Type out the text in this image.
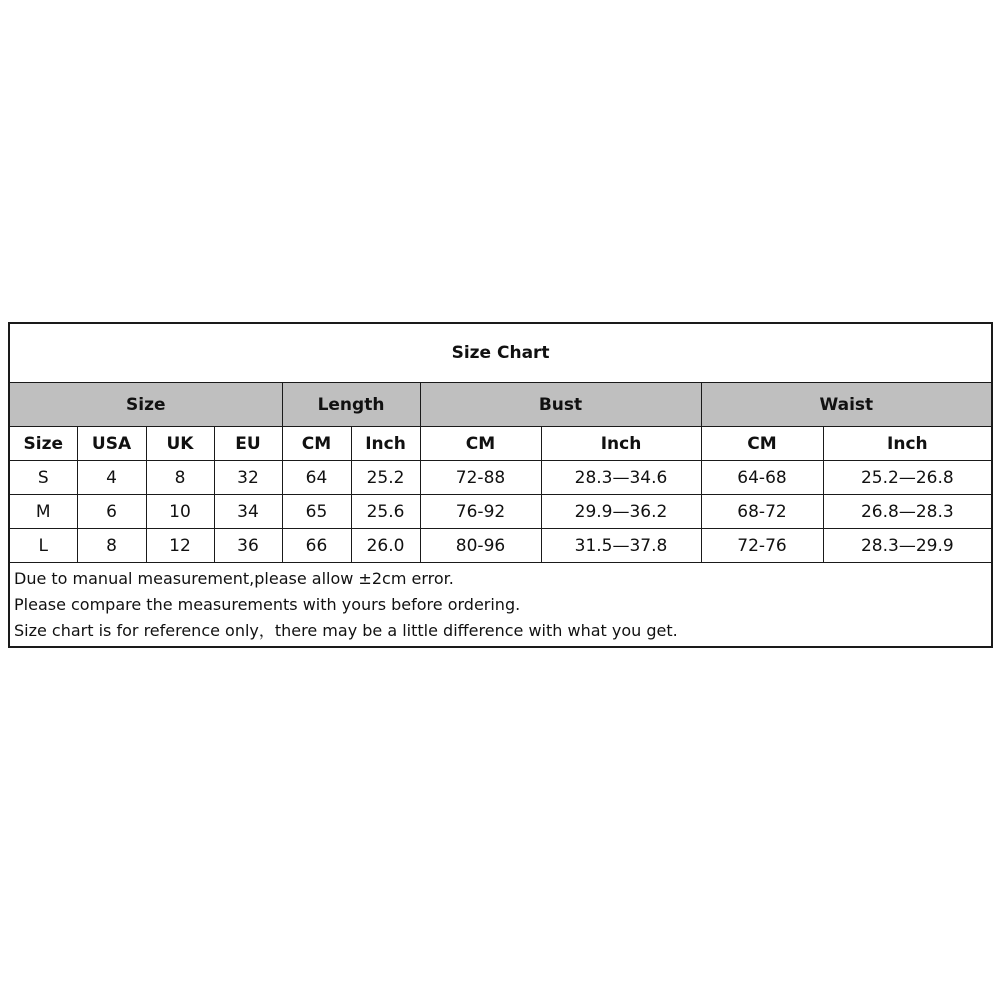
Size Chart									
Size				Length		Bust		Waist	
Size	USA	UK	EU	CM	Inch	CM	Inch	CM	Inch
S	4	8	32	64	25.2	72-88	28.3—34.6	64-68	25.2—26.8
M	6	10	34	65	25.6	76-92	29.9—36.2	68-72	26.8—28.3
L	8	12	36	66	26.0	80-96	31.5—37.8	72-76	28.3—29.9

Due to manual measurement,please allow ±2cm error.
Please compare the measurements with yours before ordering.
Size chart is for reference only，there may be a little difference with what you get.									
